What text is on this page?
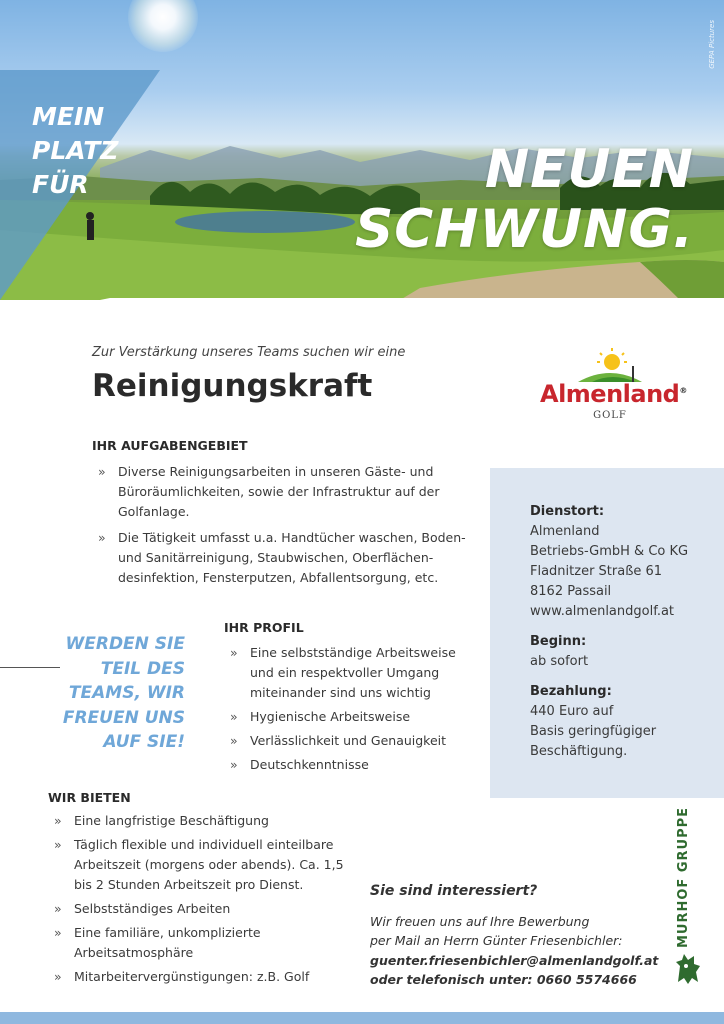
GEPA Pictures
MEIN
PLATZ
FÜR	NEUEN
SCHWUNG.
Zur Verstärkung unseres Teams suchen wir eine
Reinigungskraft	Almenland®
GOLF
IHR AUFGABENGEBIET
» Diverse Reinigungsarbeiten in unseren Gäste- und Büroräumlichkeiten, sowie der Infrastruktur auf der Golfanlage.
» Die Tätigkeit umfasst u.a. Handtücher waschen, Boden- und Sanitärreinigung, Staubwischen, Oberflächen-desinfektion, Fensterputzen, Abfallentsorgung, etc.
Dienstort:
Almenland
Betriebs-GmbH & Co KG
Fladnitzer Straße 61
8162 Passail
www.almenlandgolf.at
Beginn:
ab sofort
Bezahlung:
440 Euro auf
Basis geringfügiger
Beschäftigung.
IHR PROFIL
» Eine selbstständige Arbeitsweise und ein respektvoller Umgang miteinander sind uns wichtig
» Hygienische Arbeitsweise
» Verlässlichkeit und Genauigkeit
» Deutschkenntnisse
WERDEN SIE
TEIL DES
TEAMS, WIR
FREUEN UNS
AUF SIE!
WIR BIETEN
» Eine langfristige Beschäftigung
» Täglich flexible und individuell einteilbare Arbeitszeit (morgens oder abends). Ca. 1,5 bis 2 Stunden Arbeitszeit pro Dienst.
» Selbstständiges Arbeiten
» Eine familiäre, unkomplizierte Arbeitsatmosphäre
» Mitarbeitervergünstigungen: z.B. Golf
Sie sind interessiert?
Wir freuen uns auf Ihre Bewerbung
per Mail an Herrn Günter Friesenbichler:
guenter.friesenbichler@almenlandgolf.at
oder telefonisch unter: 0660 5574666
MURHOF GRUPPE
